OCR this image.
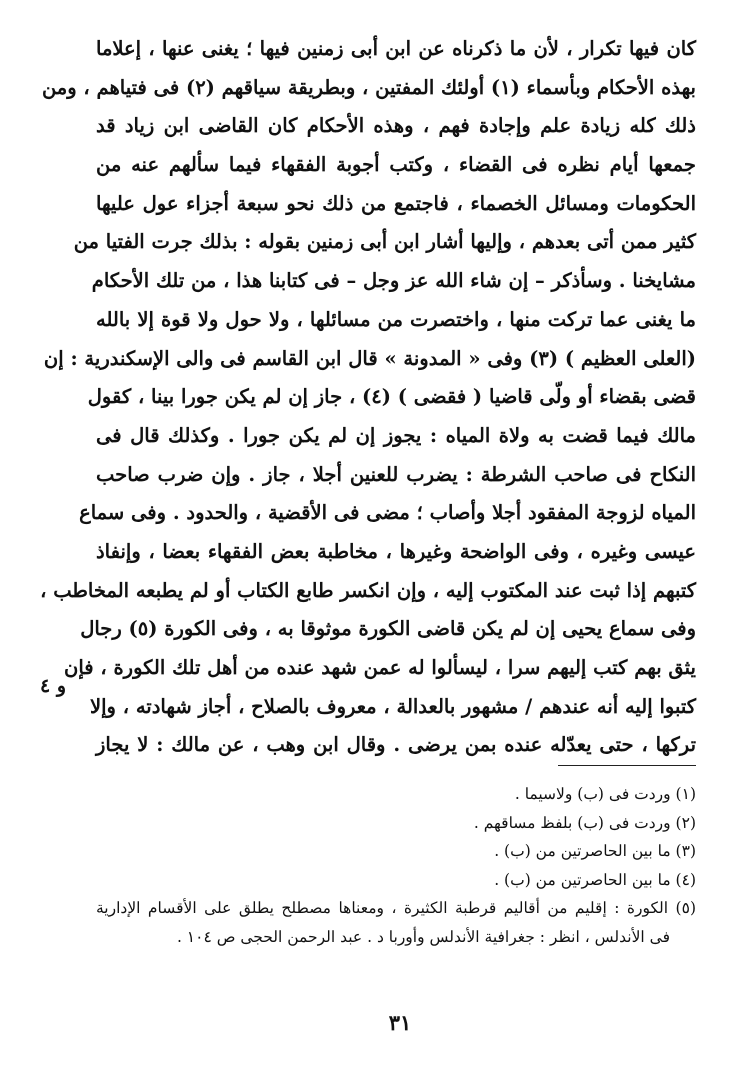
كان فيها تكرار ، لأن ما ذكرناه عن ابن أبى زمنين فيها ؛ يغنى عنها ، إعلاما
بهذه الأحكام وبأسماء (١) أولئك المفتين ، وبطريقة سياقهم (٢) فى فتياهم ، ومن
ذلك كله زيادة علم وإجادة فهم ، وهذه الأحكام كان القاضى ابن زياد قد
جمعها أيام نظره فى القضاء ، وكتب أجوبة الفقهاء فيما سألهم عنه من
الحكومات ومسائل الخصماء ، فاجتمع من ذلك نحو سبعة أجزاء عول عليها
كثير ممن أتى بعدهم ، وإليها أشار ابن أبى زمنين بقوله : بذلك جرت الفتيا من
مشايخنا . وسأذكر – إن شاء الله عز وجل – فى كتابنا هذا ، من تلك الأحكام
ما يغنى عما تركت منها ، واختصرت من مسائلها ، ولا حول ولا قوة إلا بالله
(العلى العظيم ) (٣) وفى « المدونة » قال ابن القاسم فى والى الإسكندرية : إن
قضى بقضاء أو ولّى قاضيا ( فقضى ) (٤) ، جاز إن لم يكن جورا بينا ، كقول
مالك فيما قضت به ولاة المياه : يجوز إن لم يكن جورا . وكذلك قال فى
النكاح فى صاحب الشرطة : يضرب للعنين أجلا ، جاز . وإن ضرب صاحب
المياه لزوجة المفقود أجلا وأصاب ؛ مضى فى الأقضية ، والحدود . وفى سماع
عيسى وغيره ، وفى الواضحة وغيرها ، مخاطبة بعض الفقهاء بعضا ، وإنفاذ
كتبهم إذا ثبت عند المكتوب إليه ، وإن انكسر طابع الكتاب أو لم يطبعه المخاطب ،
وفى سماع يحيى إن لم يكن قاضى الكورة موثوقا به ، وفى الكورة (٥) رجال
يثق بهم كتب إليهم سرا ، ليسألوا له عمن شهد عنده من أهل تلك الكورة ، فإن
كتبوا إليه أنه عندهم / مشهور بالعدالة ، معروف بالصلاح ، أجاز شهادته ، وإلا
تركها ، حتى يعدّله عنده بمن يرضى . وقال ابن وهب ، عن مالك : لا يجاز
و ٤
(١) وردت فى (ب) ولاسيما .
(٢) وردت فى (ب) بلفظ مساقهم .
(٣) ما بين الحاصرتين من (ب) .
(٤) ما بين الحاصرتين من (ب) .
(٥) الكورة : إقليم من أقاليم قرطبة الكثيرة ، ومعناها مصطلح يطلق على الأقسام الإدارية
فى الأندلس ، انظر : جغرافية الأندلس وأوربا د . عبد الرحمن الحجى ص ١٠٤ .
٣١
